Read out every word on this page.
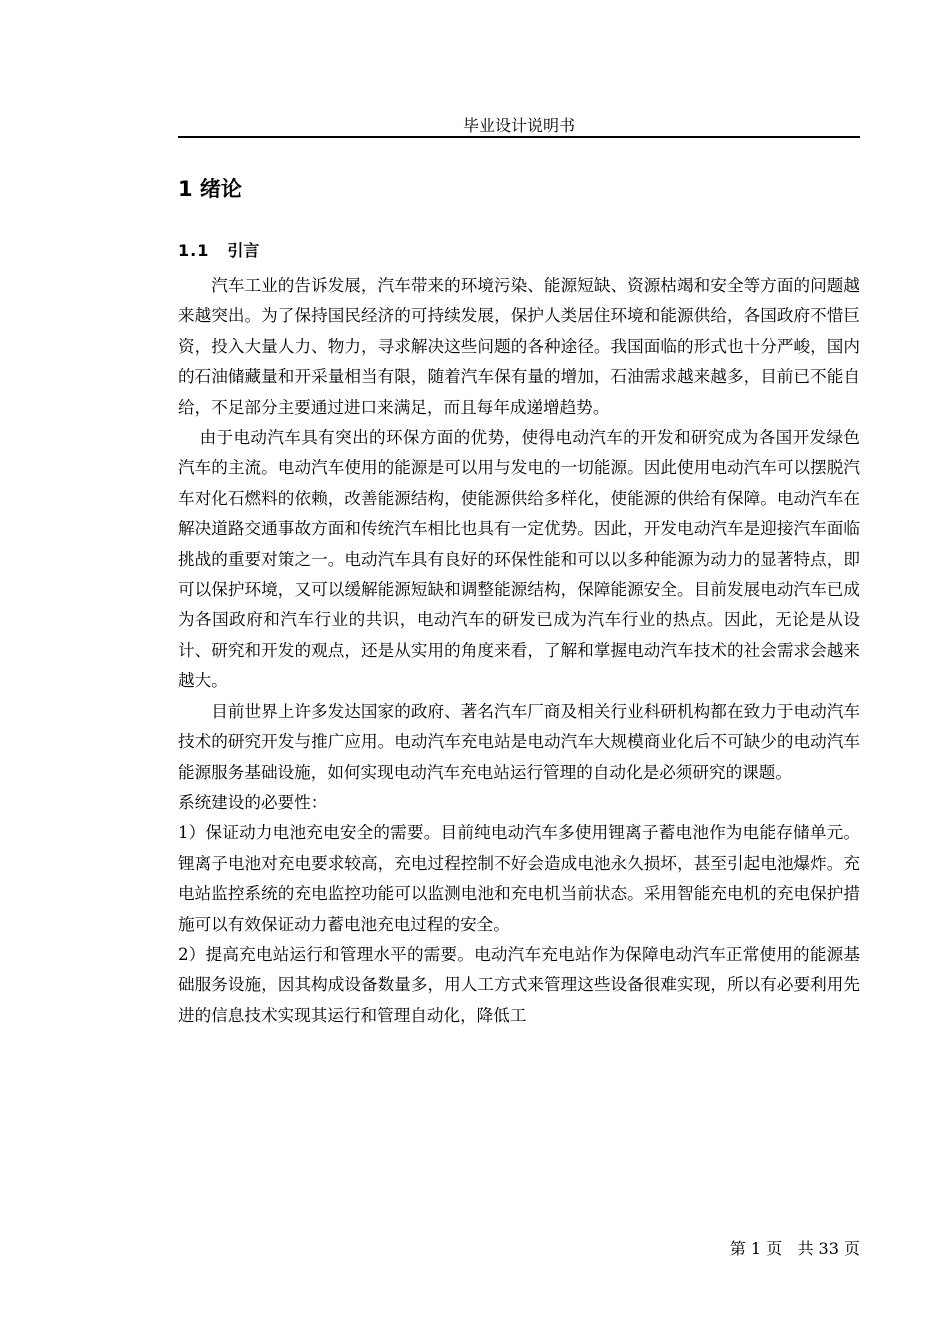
毕业设计说明书
1 绪论
1.1 引言

汽车工业的告诉发展，汽车带来的环境污染、能源短缺、资源枯竭和安全等方面的问题越来越突出。为了保持国民经济的可持续发展，保护人类居住环境和能源供给，各国政府不惜巨资，投入大量人力、物力，寻求解决这些问题的各种途径。我国面临的形式也十分严峻，国内的石油储藏量和开采量相当有限，随着汽车保有量的增加，石油需求越来越多，目前已不能自给，不足部分主要通过进口来满足，而且每年成递增趋势。

由于电动汽车具有突出的环保方面的优势，使得电动汽车的开发和研究成为各国开发绿色汽车的主流。电动汽车使用的能源是可以用与发电的一切能源。因此使用电动汽车可以摆脱汽车对化石燃料的依赖，改善能源结构，使能源供给多样化，使能源的供给有保障。电动汽车在解决道路交通事故方面和传统汽车相比也具有一定优势。因此，开发电动汽车是迎接汽车面临挑战的重要对策之一。电动汽车具有良好的环保性能和可以以多种能源为动力的显著特点，即可以保护环境，又可以缓解能源短缺和调整能源结构，保障能源安全。目前发展电动汽车已成为各国政府和汽车行业的共识，电动汽车的研发已成为汽车行业的热点。因此，无论是从设计、研究和开发的观点，还是从实用的角度来看，了解和掌握电动汽车技术的社会需求会越来越大。

目前世界上许多发达国家的政府、著名汽车厂商及相关行业科研机构都在致力于电动汽车技术的研究开发与推广应用。电动汽车充电站是电动汽车大规模商业化后不可缺少的电动汽车能源服务基础设施，如何实现电动汽车充电站运行管理的自动化是必须研究的课题。

系统建设的必要性：

1）保证动力电池充电安全的需要。目前纯电动汽车多使用锂离子蓄电池作为电能存储单元。锂离子电池对充电要求较高，充电过程控制不好会造成电池永久损坏，甚至引起电池爆炸。充电站监控系统的充电监控功能可以监测电池和充电机当前状态。采用智能充电机的充电保护措施可以有效保证动力蓄电池充电过程的安全。

2）提高充电站运行和管理水平的需要。电动汽车充电站作为保障电动汽车正常使用的能源基础服务设施，因其构成设备数量多，用人工方式来管理这些设备很难实现，所以有必要利用先进的信息技术实现其运行和管理自动化，降低工

第 1 页   共 33 页
